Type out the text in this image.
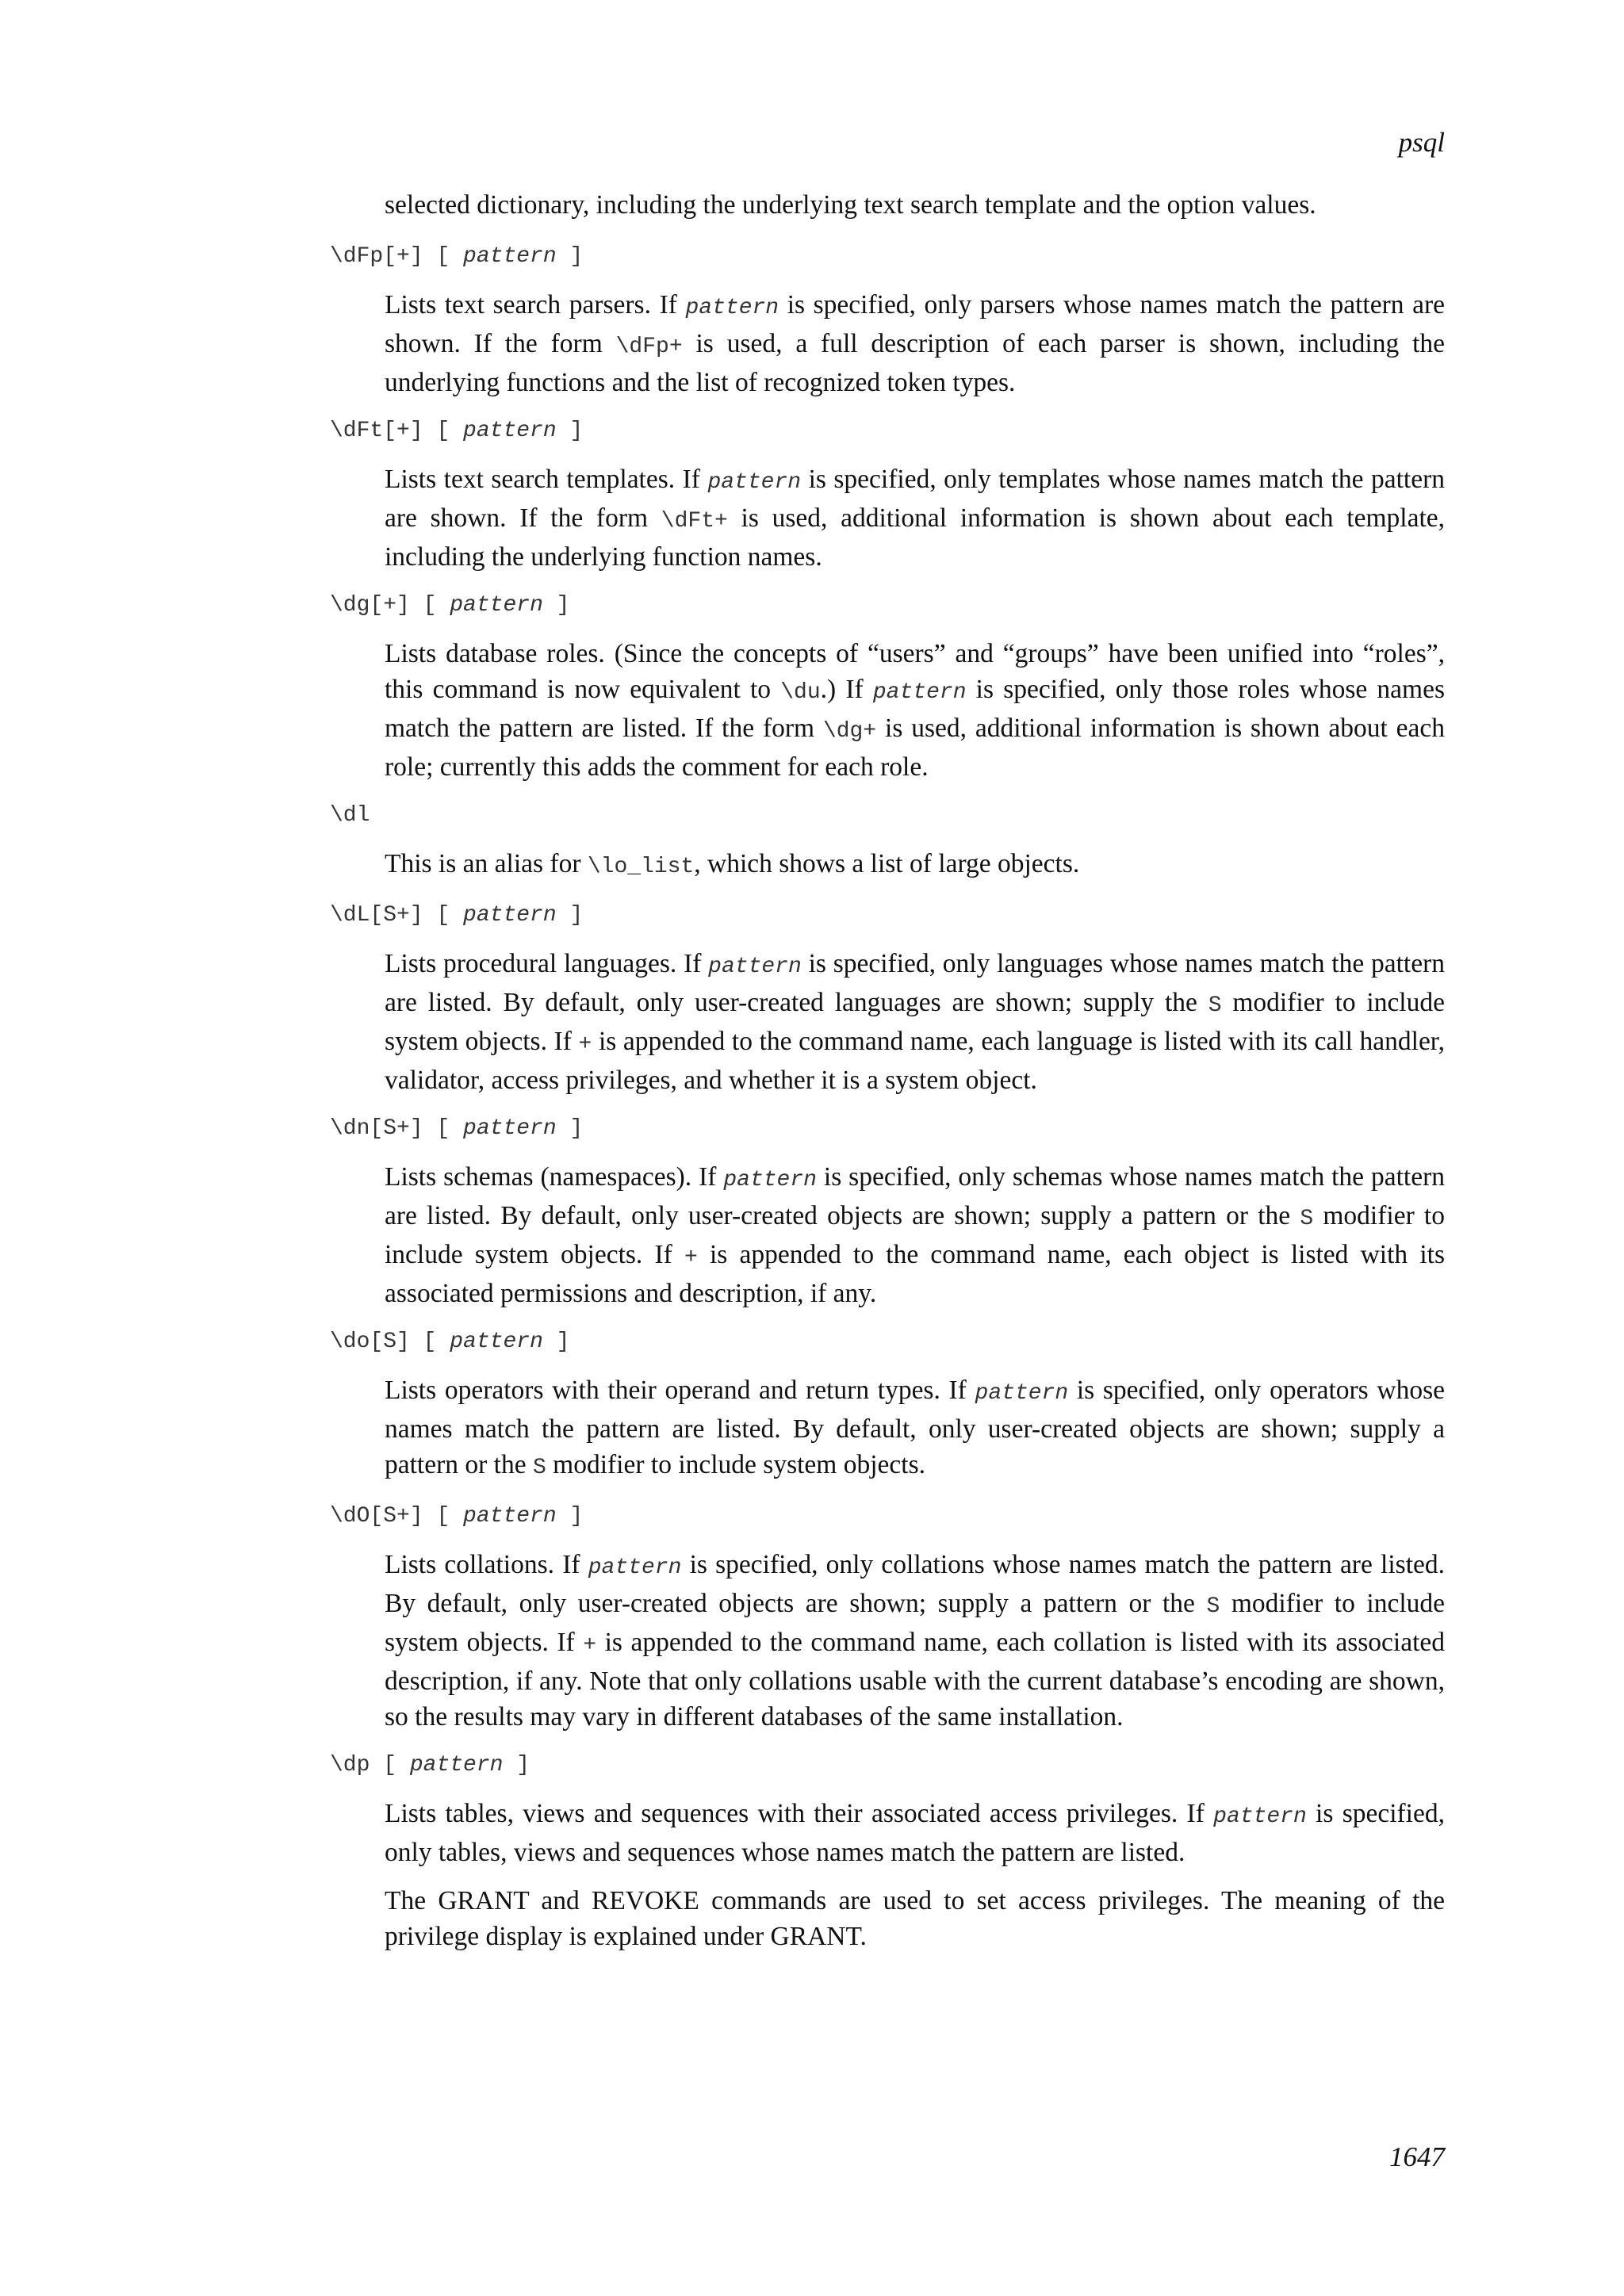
psql

selected dictionary, including the underlying text search template and the option values.

\dFp[+] [ pattern ]

Lists text search parsers. If pattern is specified, only parsers whose names match the pattern are shown. If the form \dFp+ is used, a full description of each parser is shown, including the underlying functions and the list of recognized token types.

\dFt[+] [ pattern ]

Lists text search templates. If pattern is specified, only templates whose names match the pattern are shown. If the form \dFt+ is used, additional information is shown about each template, including the underlying function names.

\dg[+] [ pattern ]

Lists database roles. (Since the concepts of “users” and “groups” have been unified into “roles”, this command is now equivalent to \du.) If pattern is specified, only those roles whose names match the pattern are listed. If the form \dg+ is used, additional information is shown about each role; currently this adds the comment for each role.

\dl

This is an alias for \lo_list, which shows a list of large objects.

\dL[S+] [ pattern ]

Lists procedural languages. If pattern is specified, only languages whose names match the pattern are listed. By default, only user-created languages are shown; supply the S modifier to include system objects. If + is appended to the command name, each language is listed with its call handler, validator, access privileges, and whether it is a system object.

\dn[S+] [ pattern ]

Lists schemas (namespaces). If pattern is specified, only schemas whose names match the pattern are listed. By default, only user-created objects are shown; supply a pattern or the S modifier to include system objects. If + is appended to the command name, each object is listed with its associated permissions and description, if any.

\do[S] [ pattern ]

Lists operators with their operand and return types. If pattern is specified, only operators whose names match the pattern are listed. By default, only user-created objects are shown; supply a pattern or the S modifier to include system objects.

\dO[S+] [ pattern ]

Lists collations. If pattern is specified, only collations whose names match the pattern are listed. By default, only user-created objects are shown; supply a pattern or the S modifier to include system objects. If + is appended to the command name, each collation is listed with its associated description, if any. Note that only collations usable with the current database’s encoding are shown, so the results may vary in different databases of the same installation.

\dp [ pattern ]

Lists tables, views and sequences with their associated access privileges. If pattern is specified, only tables, views and sequences whose names match the pattern are listed.

The GRANT and REVOKE commands are used to set access privileges. The meaning of the privilege display is explained under GRANT.

1647
